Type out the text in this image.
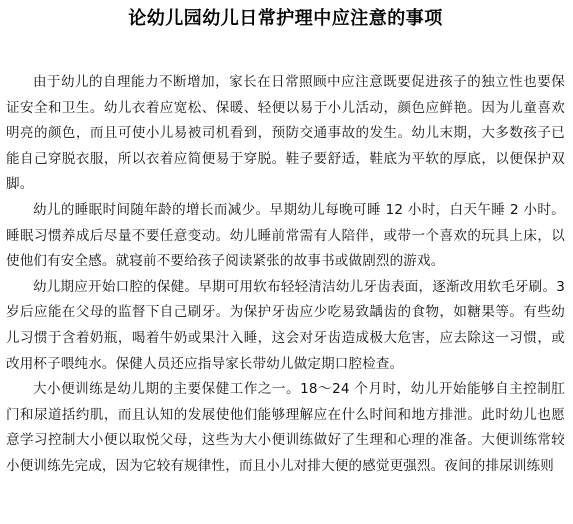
论幼儿园幼儿日常护理中应注意的事项

由于幼儿的自理能力不断增加，家长在日常照顾中应注意既要促进孩子的独立性也要保证安全和卫生。幼儿衣着应宽松、保暖、轻便以易于小儿活动，颜色应鲜艳。因为儿童喜欢明亮的颜色，而且可使小儿易被司机看到，预防交通事故的发生。幼儿末期，大多数孩子已能自己穿脱衣服，所以衣着应简便易于穿脱。鞋子要舒适，鞋底为平软的厚底，以便保护双脚。

幼儿的睡眠时间随年龄的增长而减少。早期幼儿每晚可睡 12 小时，白天午睡 2 小时。睡眠习惯养成后尽量不要任意变动。幼儿睡前常需有人陪伴，或带一个喜欢的玩具上床，以使他们有安全感。就寝前不要给孩子阅读紧张的故事书或做剧烈的游戏。

幼儿期应开始口腔的保健。早期可用软布轻轻清洁幼儿牙齿表面，逐渐改用软毛牙刷。3 岁后应能在父母的监督下自己刷牙。为保护牙齿应少吃易致龋齿的食物，如糖果等。有些幼儿习惯于含着奶瓶，喝着牛奶或果汁入睡，这会对牙齿造成极大危害，应去除这一习惯，或改用杯子喂纯水。保健人员还应指导家长带幼儿做定期口腔检查。

大小便训练是幼儿期的主要保健工作之一。18～24 个月时，幼儿开始能够自主控制肛门和尿道括约肌，而且认知的发展使他们能够理解应在什么时间和地方排泄。此时幼儿也愿意学习控制大小便以取悦父母，这些为大小便训练做好了生理和心理的准备。大便训练常较小便训练先完成，因为它较有规律性，而且小儿对排大便的感觉更强烈。夜间的排尿训练则
